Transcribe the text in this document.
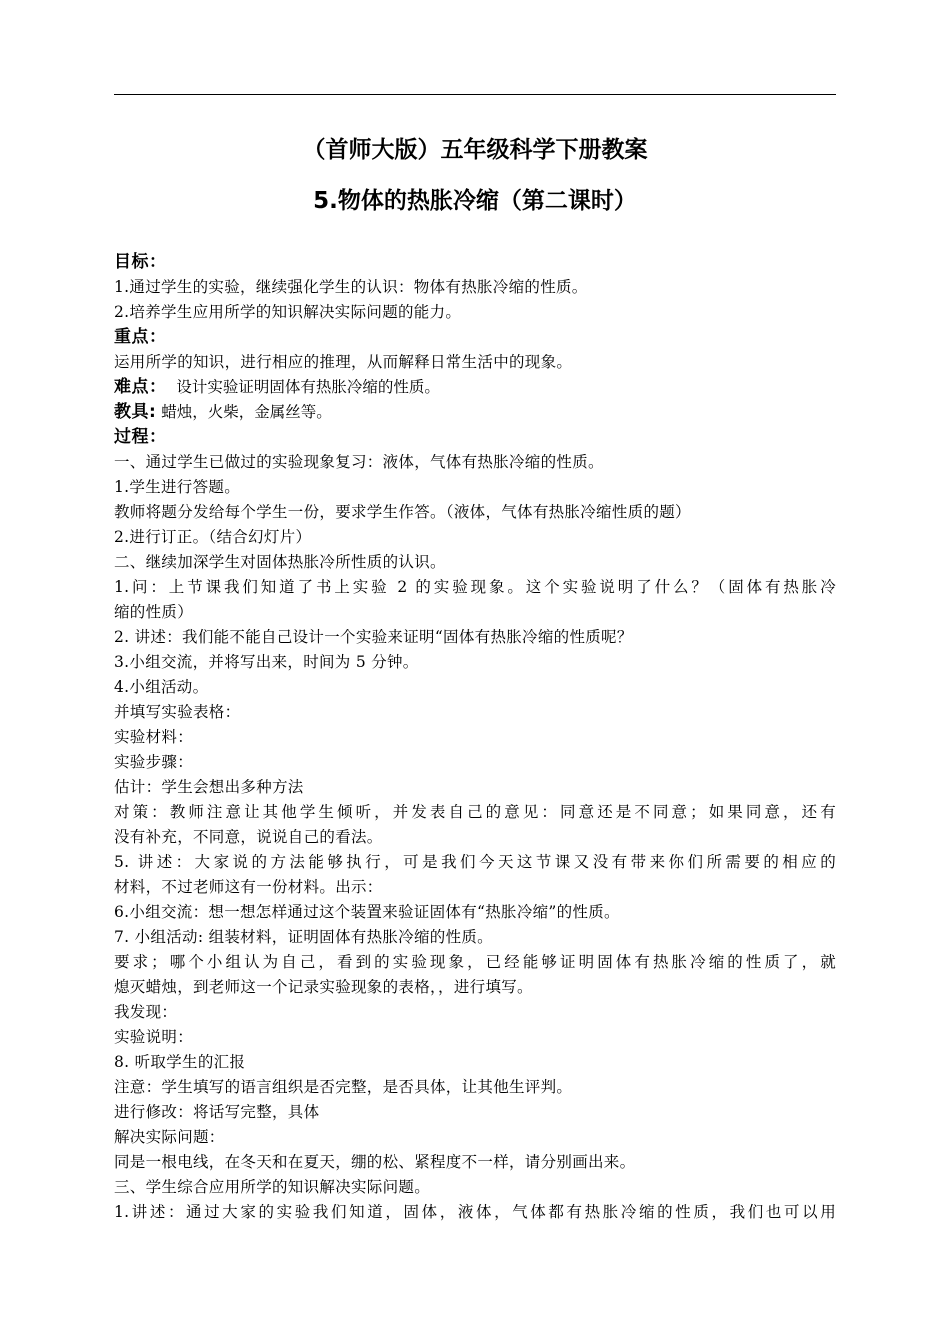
（首师大版）五年级科学下册教案
5.物体的热胀冷缩（第二课时）
目标：
1.通过学生的实验，继续强化学生的认识：物体有热胀冷缩的性质。
2.培养学生应用所学的知识解决实际问题的能力。
重点：
运用所学的知识，进行相应的推理，从而解释日常生活中的现象。
难点：  设计实验证明固体有热胀冷缩的性质。
教具: 蜡烛，火柴，金属丝等。
过程：
一、通过学生已做过的实验现象复习：液体，气体有热胀冷缩的性质。
1.学生进行答题。
教师将题分发给每个学生一份，要求学生作答。（液体，气体有热胀冷缩性质的题）
2.进行订正。（结合幻灯片）
二、继续加深学生对固体热胀冷所性质的认识。
1.问：上节课我们知道了书上实验 2 的实验现象。这个实验说明了什么？（固体有热胀冷
缩的性质）
2. 讲述：我们能不能自己设计一个实验来证明“固体有热胀冷缩的性质呢？
3.小组交流，并将写出来，时间为 5 分钟。
4.小组活动。
并填写实验表格：
实验材料：
实验步骤：
估计：学生会想出多种方法
对策：教师注意让其他学生倾听，并发表自己的意见：同意还是不同意；如果同意，还有
没有补充，不同意，说说自己的看法。
5. 讲述：大家说的方法能够执行，可是我们今天这节课又没有带来你们所需要的相应的
材料，不过老师这有一份材料。出示：
6.小组交流：想一想怎样通过这个装置来验证固体有“热胀冷缩”的性质。
7. 小组活动: 组装材料，证明固体有热胀冷缩的性质。
要求；哪个小组认为自己，看到的实验现象，已经能够证明固体有热胀冷缩的性质了，就
熄灭蜡烛，到老师这一个记录实验现象的表格，，进行填写。
我发现：
实验说明：
8. 听取学生的汇报
注意：学生填写的语言组织是否完整，是否具体，让其他生评判。
进行修改：将话写完整，具体
解决实际问题：
同是一根电线，在冬天和在夏天，绷的松、紧程度不一样，请分别画出来。
三、学生综合应用所学的知识解决实际问题。
1.讲述：通过大家的实验我们知道，固体，液体，气体都有热胀冷缩的性质，我们也可以用
